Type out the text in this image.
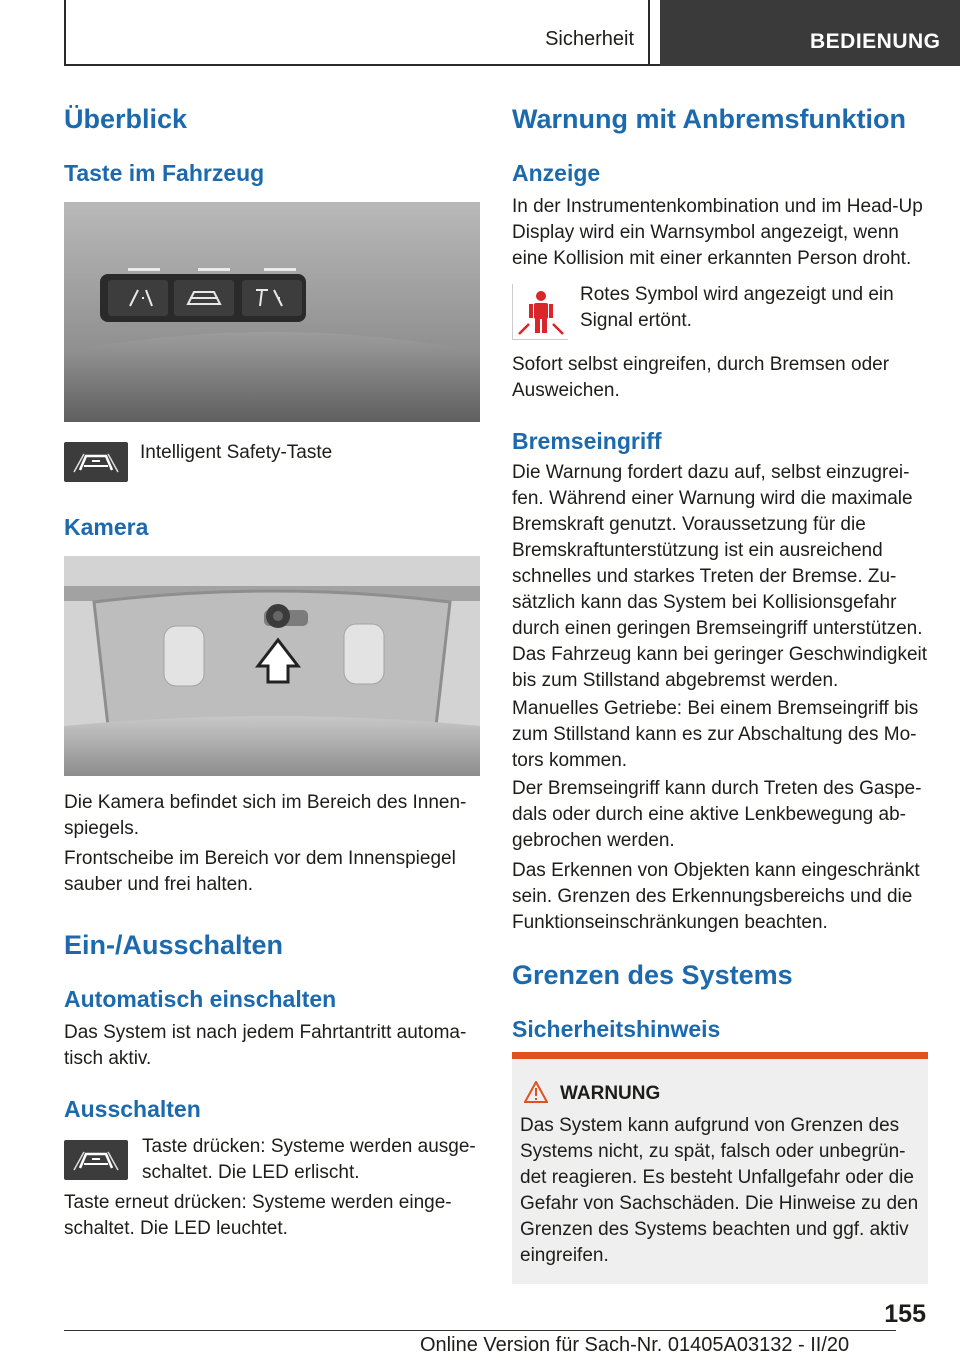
Sicherheit	BEDIENUNG
Überblick
Taste im Fahrzeug
Intelligent Safety-Taste
Kamera
Die Kamera befindet sich im Bereich des Innen-spiegels.
Frontscheibe im Bereich vor dem Innenspiegel sauber und frei halten.
Ein-/Ausschalten
Automatisch einschalten
Das System ist nach jedem Fahrtantritt automa-tisch aktiv.
Ausschalten
Taste drücken: Systeme werden ausge-schaltet. Die LED erlischt.
Taste erneut drücken: Systeme werden einge-schaltet. Die LED leuchtet.
Warnung mit Anbremsfunktion
Anzeige
In der Instrumentenkombination und im Head-Up Display wird ein Warnsymbol angezeigt, wenn eine Kollision mit einer erkannten Person droht.
Rotes Symbol wird angezeigt und ein Signal ertönt.
Sofort selbst eingreifen, durch Bremsen oder Ausweichen.
Bremseingriff
Die Warnung fordert dazu auf, selbst einzugrei-fen. Während einer Warnung wird die maximale Bremskraft genutzt. Voraussetzung für die Bremskraftunterstützung ist ein ausreichend schnelles und starkes Treten der Bremse. Zu-sätzlich kann das System bei Kollisionsgefahr durch einen geringen Bremseingriff unterstützen. Das Fahrzeug kann bei geringer Geschwindigkeit bis zum Stillstand abgebremst werden.
Manuelles Getriebe: Bei einem Bremseingriff bis zum Stillstand kann es zur Abschaltung des Mo-tors kommen.
Der Bremseingriff kann durch Treten des Gaspe-dals oder durch eine aktive Lenkbewegung ab-gebrochen werden.
Das Erkennen von Objekten kann eingeschränkt sein. Grenzen des Erkennungsbereichs und die Funktionseinschränkungen beachten.
Grenzen des Systems
Sicherheitshinweis
WARNUNG
Das System kann aufgrund von Grenzen des Systems nicht, zu spät, falsch oder unbegrün-det reagieren. Es besteht Unfallgefahr oder die Gefahr von Sachschäden. Die Hinweise zu den Grenzen des Systems beachten und ggf. aktiv eingreifen.
155
Online Version für Sach-Nr. 01405A03132 - II/20
